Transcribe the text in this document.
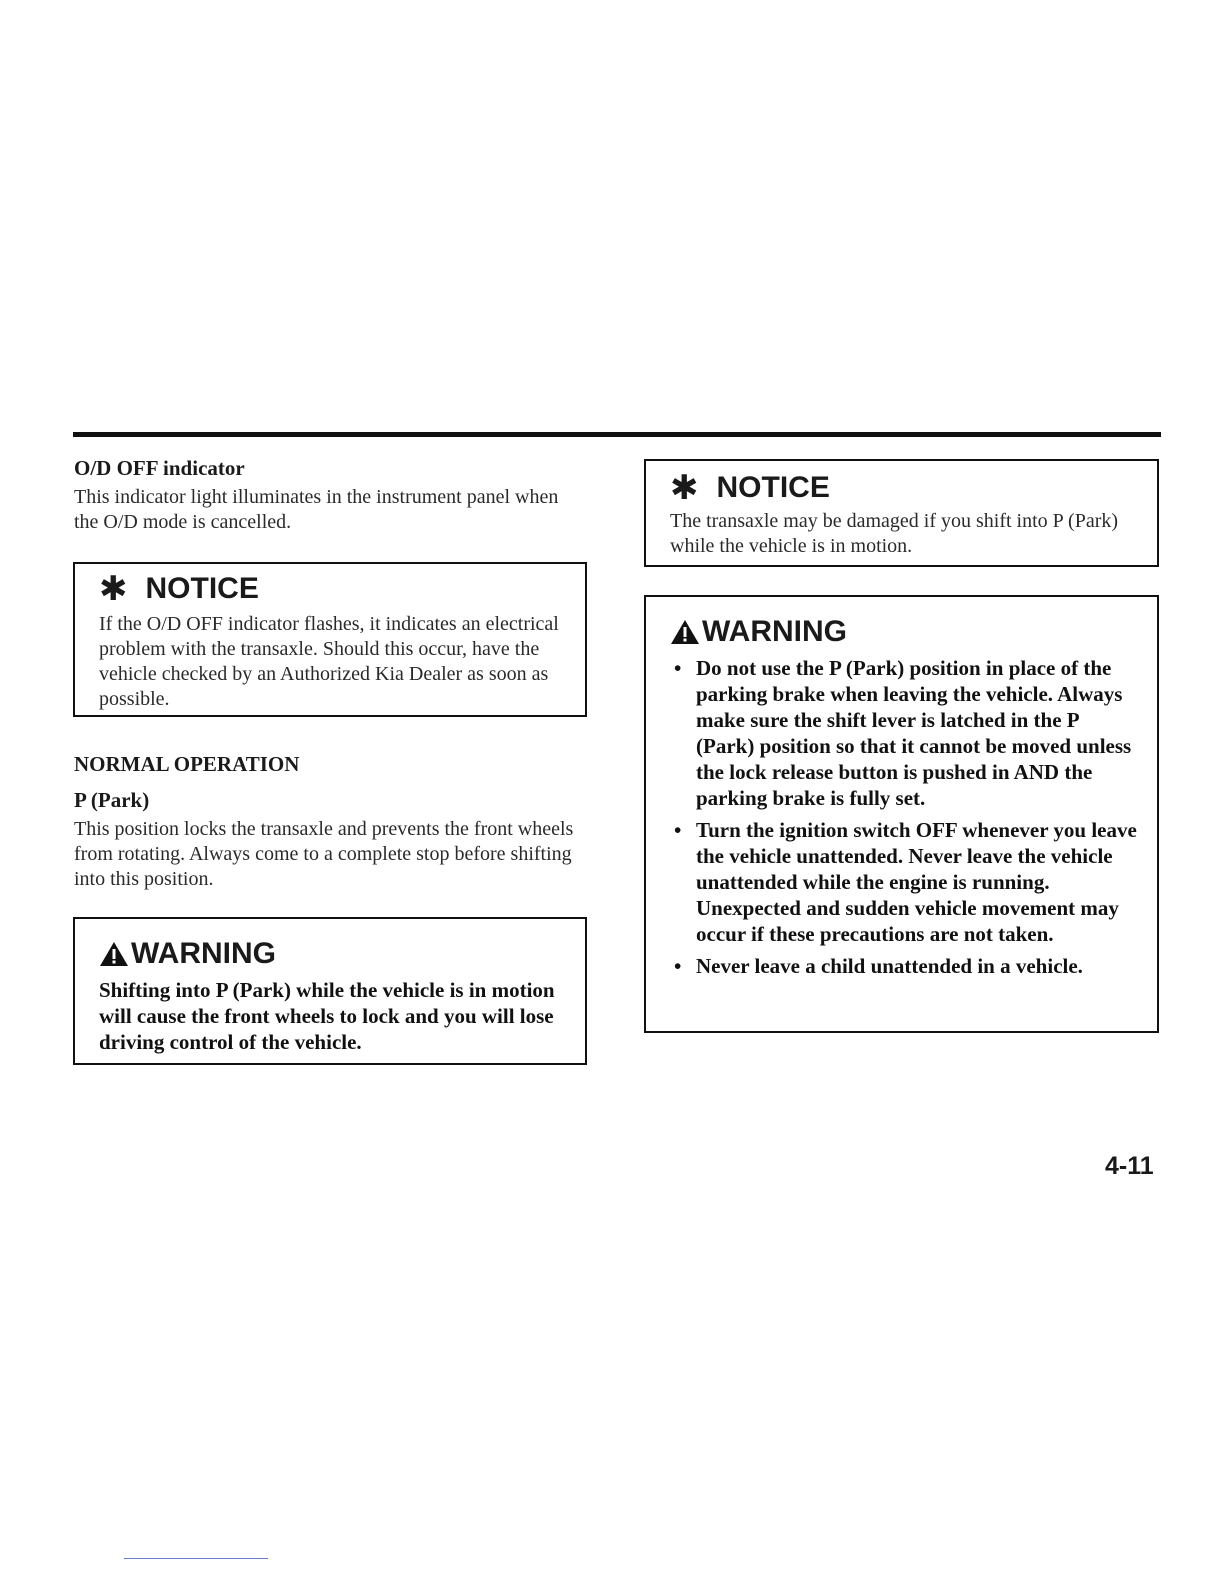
O/D OFF indicator

This indicator light illuminates in the instrument panel when the O/D mode is cancelled.

✱ NOTICE
If the O/D OFF indicator flashes, it indicates an electrical problem with the transaxle. Should this occur, have the vehicle checked by an Authorized Kia Dealer as soon as possible.

NORMAL OPERATION

P (Park)

This position locks the transaxle and prevents the front wheels from rotating. Always come to a complete stop before shifting into this position.

WARNING
Shifting into P (Park) while the vehicle is in motion will cause the front wheels to lock and you will lose driving control of the vehicle.
✱ NOTICE
The transaxle may be damaged if you shift into P (Park) while the vehicle is in motion.
WARNING
• Do not use the P (Park) position in place of the parking brake when leaving the vehicle. Always make sure the shift lever is latched in the P (Park) position so that it cannot be moved unless the lock release button is pushed in AND the parking brake is fully set.
• Turn the ignition switch OFF whenever you leave the vehicle unattended. Never leave the vehicle unattended while the engine is running. Unexpected and sudden vehicle movement may occur if these precautions are not taken.
• Never leave a child unattended in a vehicle.
4-11
